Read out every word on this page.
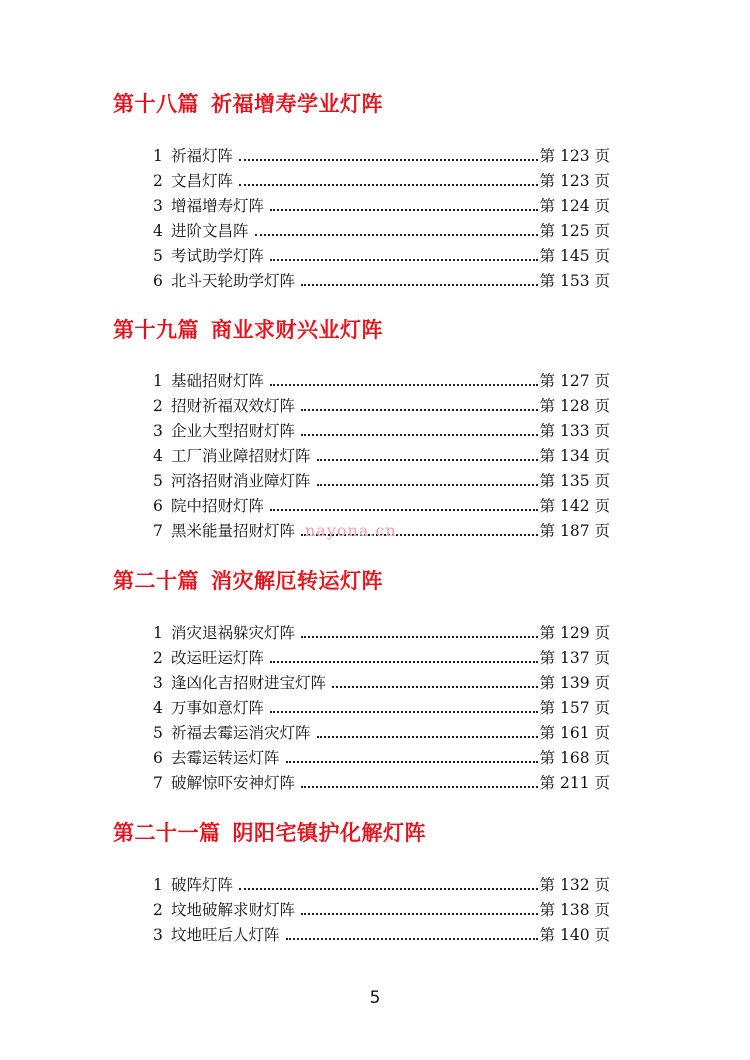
第十八篇 祈福增寿学业灯阵
1 祈福灯阵	第 123 页
2 文昌灯阵	第 123 页
3 增福增寿灯阵	第 124 页
4 进阶文昌阵	第 125 页
5 考试助学灯阵	第 145 页
6 北斗天轮助学灯阵	第 153 页
第十九篇 商业求财兴业灯阵
1 基础招财灯阵	第 127 页
2 招财祈福双效灯阵	第 128 页
3 企业大型招财灯阵	第 133 页
4 工厂消业障招财灯阵	第 134 页
5 河洛招财消业障灯阵	第 135 页
6 院中招财灯阵	第 142 页
7 黑米能量招财灯阵	第 187 页
第二十篇 消灾解厄转运灯阵
1 消灾退祸躲灾灯阵	第 129 页
2 改运旺运灯阵	第 137 页
3 逢凶化吉招财进宝灯阵	第 139 页
4 万事如意灯阵	第 157 页
5 祈福去霉运消灾灯阵	第 161 页
6 去霉运转运灯阵	第 168 页
7 破解惊吓安神灯阵	第 211 页
第二十一篇 阴阳宅镇护化解灯阵
1 破阵灯阵	第 132 页
2 坟地破解求财灯阵	第 138 页
3 坟地旺后人灯阵	第 140 页
nayona.cn
5
